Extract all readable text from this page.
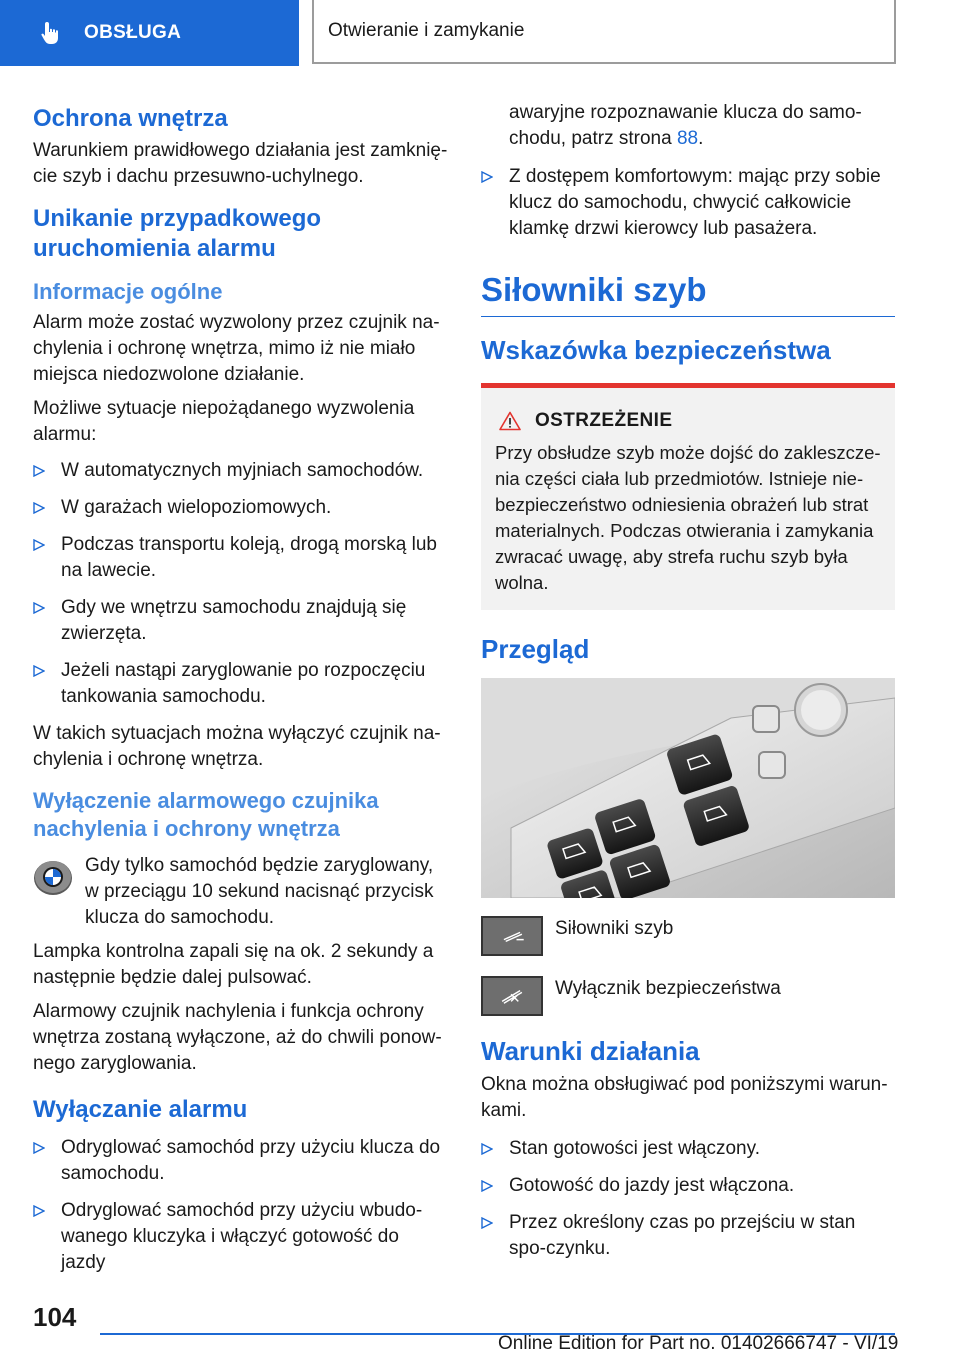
OBSŁUGA	Otwieranie i zamykanie
Ochrona wnętrza

Warunkiem prawidłowego działania jest zamknię-cie szyb i dachu przesuwno-uchylnego.

Unikanie przypadkowego uruchomienia alarmu
Informacje ogólne

Alarm może zostać wyzwolony przez czujnik na-chylenia i ochronę wnętrza, mimo iż nie miało miejsca niedozwolone działanie.

Możliwe sytuacje niepożądanego wyzwolenia alarmu:

W automatycznych myjniach samochodów.
W garażach wielopoziomowych.
Podczas transportu koleją, drogą morską lub na lawecie.
Gdy we wnętrzu samochodu znajdują się zwierzęta.
Jeżeli nastąpi zaryglowanie po rozpoczęciu tankowania samochodu.

W takich sytuacjach można wyłączyć czujnik na-chylenia i ochronę wnętrza.

Wyłączenie alarmowego czujnika nachylenia i ochrony wnętrza

Gdy tylko samochód będzie zaryglowany, w przeciągu 10 sekund nacisnąć przycisk klucza do samochodu.

Lampka kontrolna zapali się na ok. 2 sekundy a następnie będzie dalej pulsować.

Alarmowy czujnik nachylenia i funkcja ochrony wnętrza zostaną wyłączone, aż do chwili ponow-nego zaryglowania.

Wyłączanie alarmu
Odryglować samochód przy użyciu klucza do samochodu.
Odryglować samochód przy użyciu wbudo-wanego kluczyka i włączyć gotowość do jazdy

awaryjne rozpoznawanie klucza do samo-chodu, patrz strona 88.

Z dostępem komfortowym: mając przy sobie klucz do samochodu, chwycić całkowicie klamkę drzwi kierowcy lub pasażera.
Siłowniki szyb
Wskazówka bezpieczeństwa
OSTRZEŻENIE

Przy obsłudze szyb może dojść do zakleszcze-nia części ciała lub przedmiotów. Istnieje nie-bezpieczeństwo odniesienia obrażeń lub strat materialnych. Podczas otwierania i zamykania zwracać uwagę, aby strefa ruchu szyb była wolna.

Przegląd
Siłowniki szyb
Wyłącznik bezpieczeństwa
Warunki działania

Okna można obsługiwać pod poniższymi warun-kami.

Stan gotowości jest włączony.
Gotowość do jazdy jest włączona.
Przez określony czas po przejściu w stan spo-czynku.
104
Online Edition for Part no. 01402666747 - VI/19
